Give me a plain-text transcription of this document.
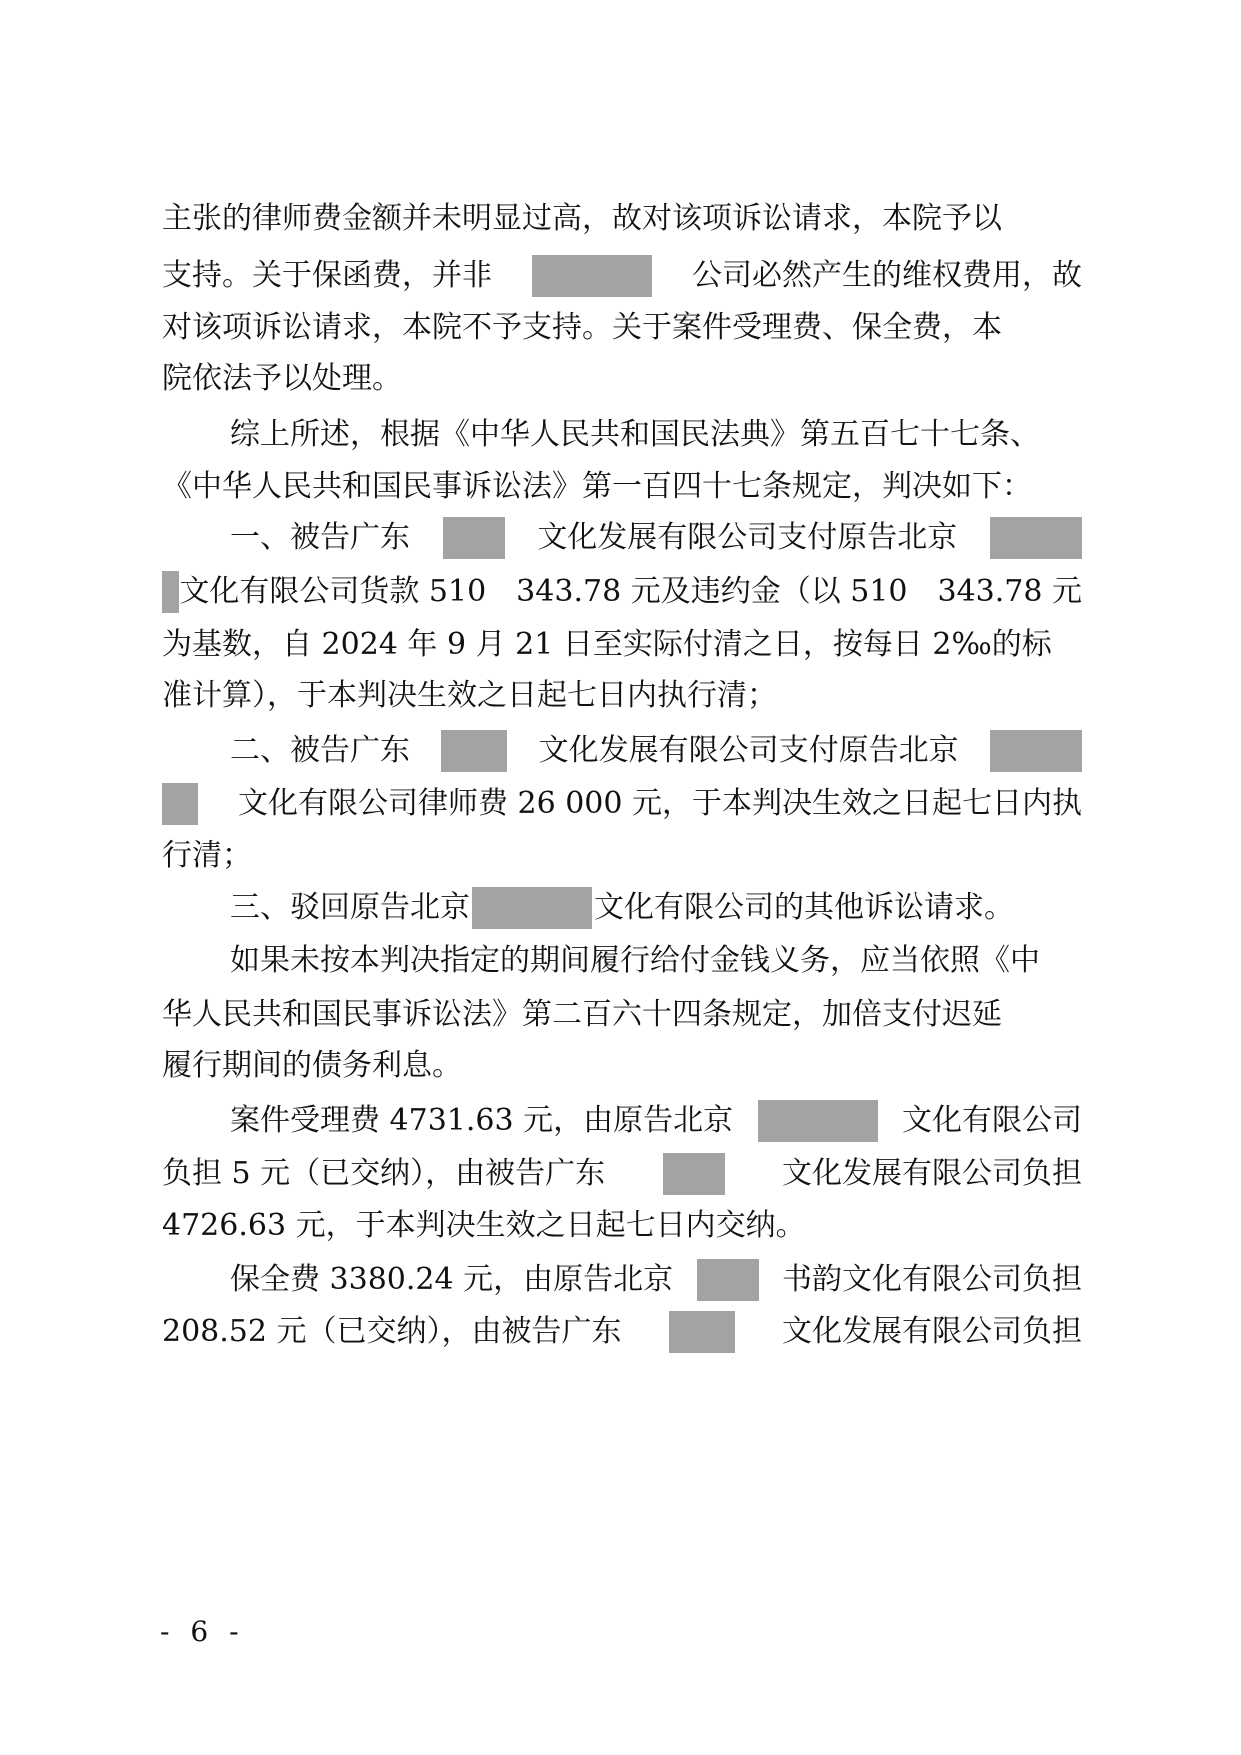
主张的律师费金额并未明显过高，故对该项诉讼请求，本院予以
支持。关于保函费，并非	公司必然产生的维权费用，故
对该项诉讼请求，本院不予支持。关于案件受理费、保全费，本
院依法予以处理。
综上所述，根据《中华人民共和国民法典》第五百七十七条、
《中华人民共和国民事诉讼法》第一百四十七条规定，判决如下：
一、被告广东	文化发展有限公司支付原告北京
文化有限公司货款 510　343.78 元及违约金（以 510　343.78 元
为基数，自 2024 年 9 月 21 日至实际付清之日，按每日 2‰的标
准计算），于本判决生效之日起七日内执行清；
二、被告广东	文化发展有限公司支付原告北京
文化有限公司律师费 26 000 元，于本判决生效之日起七日内执
行清；
三、驳回原告北京	文化有限公司的其他诉讼请求。
如果未按本判决指定的期间履行给付金钱义务，应当依照《中
华人民共和国民事诉讼法》第二百六十四条规定，加倍支付迟延
履行期间的债务利息。
案件受理费 4731.63 元，由原告北京	文化有限公司
负担 5 元（已交纳），由被告广东	文化发展有限公司负担
4726.63 元，于本判决生效之日起七日内交纳。
保全费 3380.24 元，由原告北京	书韵文化有限公司负担
208.52 元（已交纳），由被告广东	文化发展有限公司负担
- 6 -
